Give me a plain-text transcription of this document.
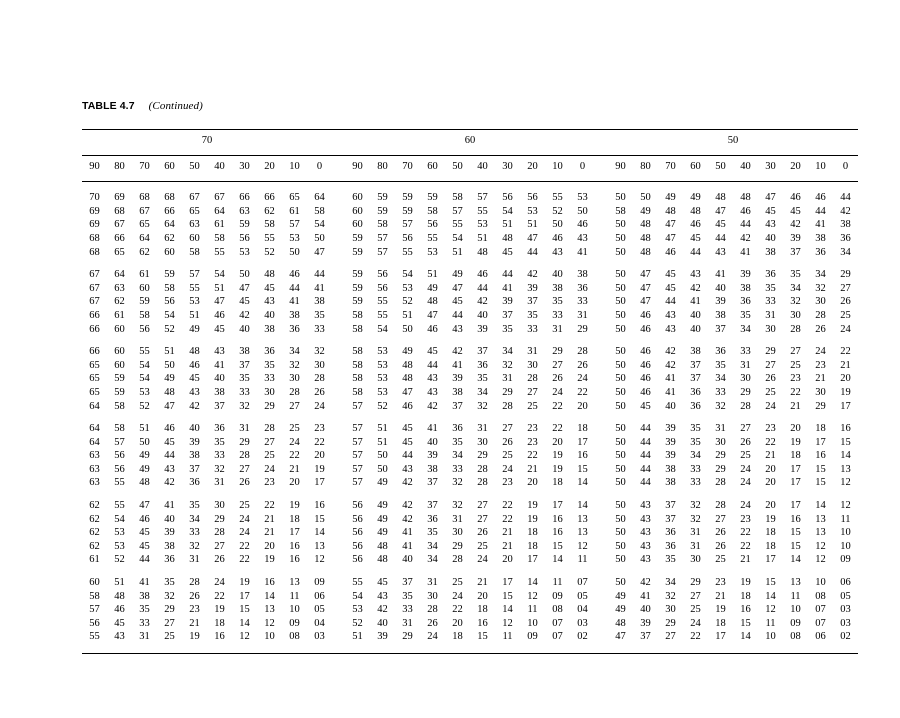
TABLE 4.7 (Continued)

70											60											50									

90	80	70	60	50	40	30	20	10	0		90	80	70	60	50	40	30	20	10	0		90	80	70	60	50	40	30	20	10	0

70	69	68	68	67	67	66	66	65	64		60	59	59	59	58	57	56	56	55	53		50	50	49	49	48	48	47	46	46	44
69	68	67	66	65	64	63	62	61	58		60	59	59	58	57	55	54	53	52	50		58	49	48	48	47	46	45	45	44	42
69	67	65	64	63	61	59	58	57	54		60	58	57	56	55	53	51	51	50	46		50	48	47	46	45	44	43	42	41	38
68	66	64	62	60	58	56	55	53	50		59	57	56	55	54	51	48	47	46	43		50	48	47	45	44	42	40	39	38	36
68	65	62	60	58	55	53	52	50	47		59	57	55	53	51	48	45	44	43	41		50	48	46	44	43	41	38	37	36	34

67	64	61	59	57	54	50	48	46	44		59	56	54	51	49	46	44	42	40	38		50	47	45	43	41	39	36	35	34	29
67	63	60	58	55	51	47	45	44	41		59	56	53	49	47	44	41	39	38	36		50	47	45	42	40	38	35	34	32	27
67	62	59	56	53	47	45	43	41	38		59	55	52	48	45	42	39	37	35	33		50	47	44	41	39	36	33	32	30	26
66	61	58	54	51	46	42	40	38	35		58	55	51	47	44	40	37	35	33	31		50	46	43	40	38	35	31	30	28	25
66	60	56	52	49	45	40	38	36	33		58	54	50	46	43	39	35	33	31	29		50	46	43	40	37	34	30	28	26	24

66	60	55	51	48	43	38	36	34	32		58	53	49	45	42	37	34	31	29	28		50	46	42	38	36	33	29	27	24	22
65	60	54	50	46	41	37	35	32	30		58	53	48	44	41	36	32	30	27	26		50	46	42	37	35	31	27	25	23	21
65	59	54	49	45	40	35	33	30	28		58	53	48	43	39	35	31	28	26	24		50	46	41	37	34	30	26	23	21	20
65	59	53	48	43	38	33	30	28	26		58	53	47	43	38	34	29	27	24	22		50	46	41	36	33	29	25	22	30	19
64	58	52	47	42	37	32	29	27	24		57	52	46	42	37	32	28	25	22	20		50	45	40	36	32	28	24	21	29	17

64	58	51	46	40	36	31	28	25	23		57	51	45	41	36	31	27	23	22	18		50	44	39	35	31	27	23	20	18	16
64	57	50	45	39	35	29	27	24	22		57	51	45	40	35	30	26	23	20	17		50	44	39	35	30	26	22	19	17	15
63	56	49	44	38	33	28	25	22	20		57	50	44	39	34	29	25	22	19	16		50	44	39	34	29	25	21	18	16	14
63	56	49	43	37	32	27	24	21	19		57	50	43	38	33	28	24	21	19	15		50	44	38	33	29	24	20	17	15	13
63	55	48	42	36	31	26	23	20	17		57	49	42	37	32	28	23	20	18	14		50	44	38	33	28	24	20	17	15	12

62	55	47	41	35	30	25	22	19	16		56	49	42	37	32	27	22	19	17	14		50	43	37	32	28	24	20	17	14	12
62	54	46	40	34	29	24	21	18	15		56	49	42	36	31	27	22	19	16	13		50	43	37	32	27	23	19	16	13	11
62	53	45	39	33	28	24	21	17	14		56	49	41	35	30	26	21	18	16	13		50	43	36	31	26	22	18	15	13	10
62	53	45	38	32	27	22	20	16	13		56	48	41	34	29	25	21	18	15	12		50	43	36	31	26	22	18	15	12	10
61	52	44	36	31	26	22	19	16	12		56	48	40	34	28	24	20	17	14	11		50	43	35	30	25	21	17	14	12	09

60	51	41	35	28	24	19	16	13	09		55	45	37	31	25	21	17	14	11	07		50	42	34	29	23	19	15	13	10	06
58	48	38	32	26	22	17	14	11	06		54	43	35	30	24	20	15	12	09	05		49	41	32	27	21	18	14	11	08	05
57	46	35	29	23	19	15	13	10	05		53	42	33	28	22	18	14	11	08	04		49	40	30	25	19	16	12	10	07	03
56	45	33	27	21	18	14	12	09	04		52	40	31	26	20	16	12	10	07	03		48	39	29	24	18	15	11	09	07	03
55	43	31	25	19	16	12	10	08	03		51	39	29	24	18	15	11	09	07	02		47	37	27	22	17	14	10	08	06	02
